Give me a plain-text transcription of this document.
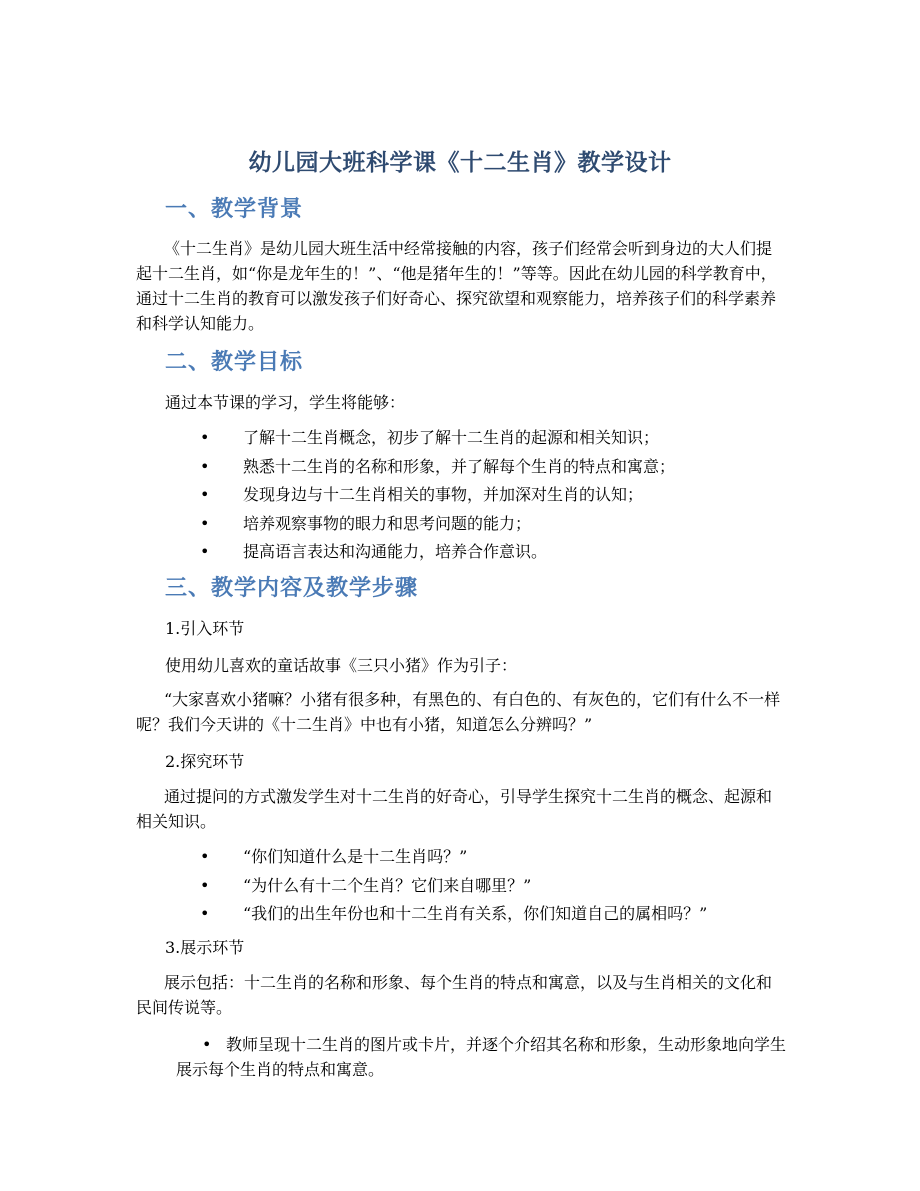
幼儿园大班科学课《十二生肖》教学设计
一、教学背景
《十二生肖》是幼儿园大班生活中经常接触的内容，孩子们经常会听到身边的大人们提起十二生肖，如“你是龙年生的！”、“他是猪年生的！”等等。因此在幼儿园的科学教育中，通过十二生肖的教育可以激发孩子们好奇心、探究欲望和观察能力，培养孩子们的科学素养和科学认知能力。
二、教学目标
通过本节课的学习，学生将能够：
• 了解十二生肖概念，初步了解十二生肖的起源和相关知识；
• 熟悉十二生肖的名称和形象，并了解每个生肖的特点和寓意；
• 发现身边与十二生肖相关的事物，并加深对生肖的认知；
• 培养观察事物的眼力和思考问题的能力；
• 提高语言表达和沟通能力，培养合作意识。
三、教学内容及教学步骤
1.引入环节
使用幼儿喜欢的童话故事《三只小猪》作为引子：
“大家喜欢小猪嘛？小猪有很多种，有黑色的、有白色的、有灰色的，它们有什么不一样呢？我们今天讲的《十二生肖》中也有小猪，知道怎么分辨吗？”
2.探究环节
通过提问的方式激发学生对十二生肖的好奇心，引导学生探究十二生肖的概念、起源和相关知识。
• “你们知道什么是十二生肖吗？”
• “为什么有十二个生肖？它们来自哪里？”
• “我们的出生年份也和十二生肖有关系，你们知道自己的属相吗？”
3.展示环节
展示包括：十二生肖的名称和形象、每个生肖的特点和寓意，以及与生肖相关的文化和民间传说等。
• 教师呈现十二生肖的图片或卡片，并逐个介绍其名称和形象，生动形象地向学生展示每个生肖的特点和寓意。
